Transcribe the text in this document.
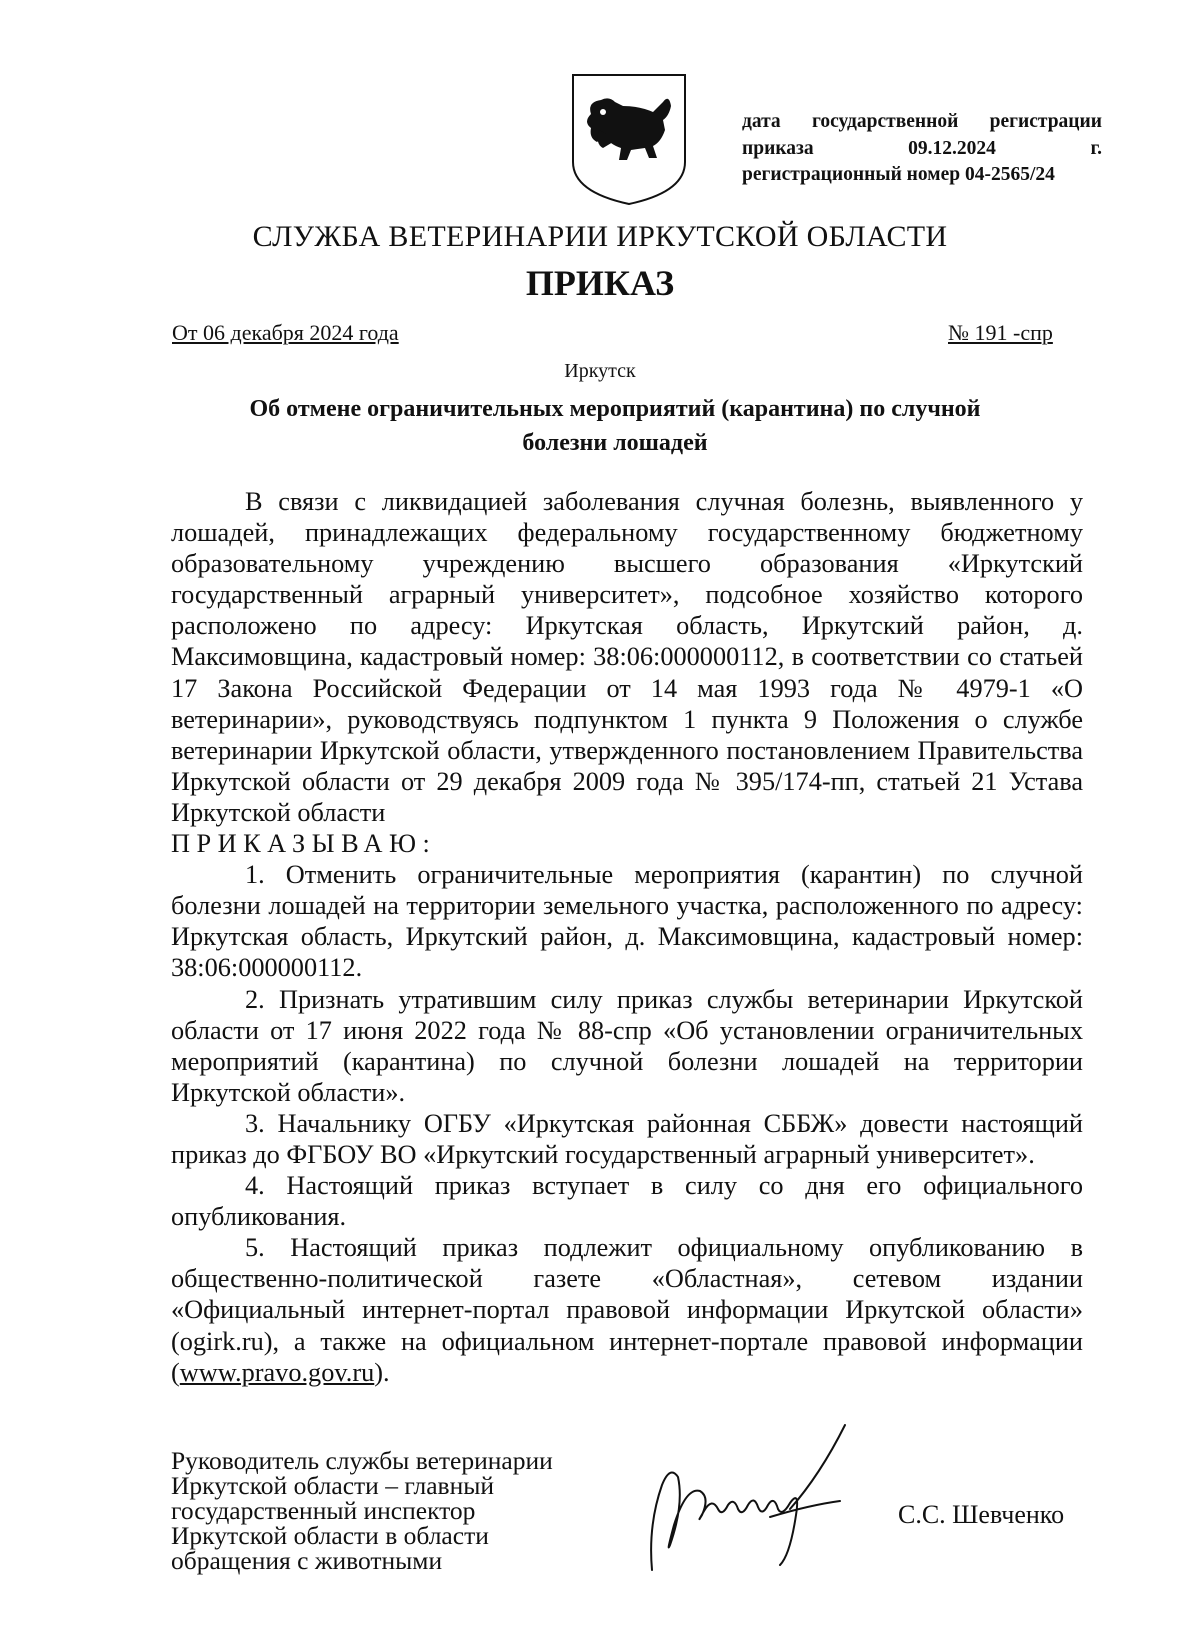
дата государственной регистрации приказа 09.12.2024 г.
регистрационный номер 04-2565/24
СЛУЖБА ВЕТЕРИНАРИИ ИРКУТСКОЙ ОБЛАСТИ
ПРИКАЗ
От 06 декабря 2024 года	№ 191 -спр
Иркутск
Об отмене ограничительных мероприятий (карантина) по случной болезни лошадей

В связи с ликвидацией заболевания случная болезнь, выявленного у лошадей, принадлежащих федеральному государственному бюджетному образовательному учреждению высшего образования «Иркутский государственный аграрный университет», подсобное хозяйство которого расположено по адресу: Иркутская область, Иркутский район, д. Максимовщина, кадастровый номер: 38:06:000000112, в соответствии со статьей 17 Закона Российской Федерации от 14 мая 1993 года № 4979-1 «О ветеринарии», руководствуясь подпунктом 1 пункта 9 Положения о службе ветеринарии Иркутской области, утвержденного постановлением Правительства Иркутской области от 29 декабря 2009 года № 395/174-пп, статьей 21 Устава Иркутской области

ПРИКАЗЫВАЮ:

1. Отменить ограничительные мероприятия (карантин) по случной болезни лошадей на территории земельного участка, расположенного по адресу: Иркутская область, Иркутский район, д. Максимовщина, кадастровый номер: 38:06:000000112.

2. Признать утратившим силу приказ службы ветеринарии Иркутской области от 17 июня 2022 года № 88-спр «Об установлении ограничительных мероприятий (карантина) по случной болезни лошадей на территории Иркутской области».

3. Начальнику ОГБУ «Иркутская районная СББЖ» довести настоящий приказ до ФГБОУ ВО «Иркутский государственный аграрный университет».

4. Настоящий приказ вступает в силу со дня его официального опубликования.

5. Настоящий приказ подлежит официальному опубликованию в общественно-политической газете «Областная», сетевом издании «Официальный интернет-портал правовой информации Иркутской области» (ogirk.ru), а также на официальном интернет-портале правовой информации (www.pravo.gov.ru).

Руководитель службы ветеринарии
Иркутской области – главный
государственный инспектор
Иркутской области в области
обращения с животными
С.С. Шевченко
